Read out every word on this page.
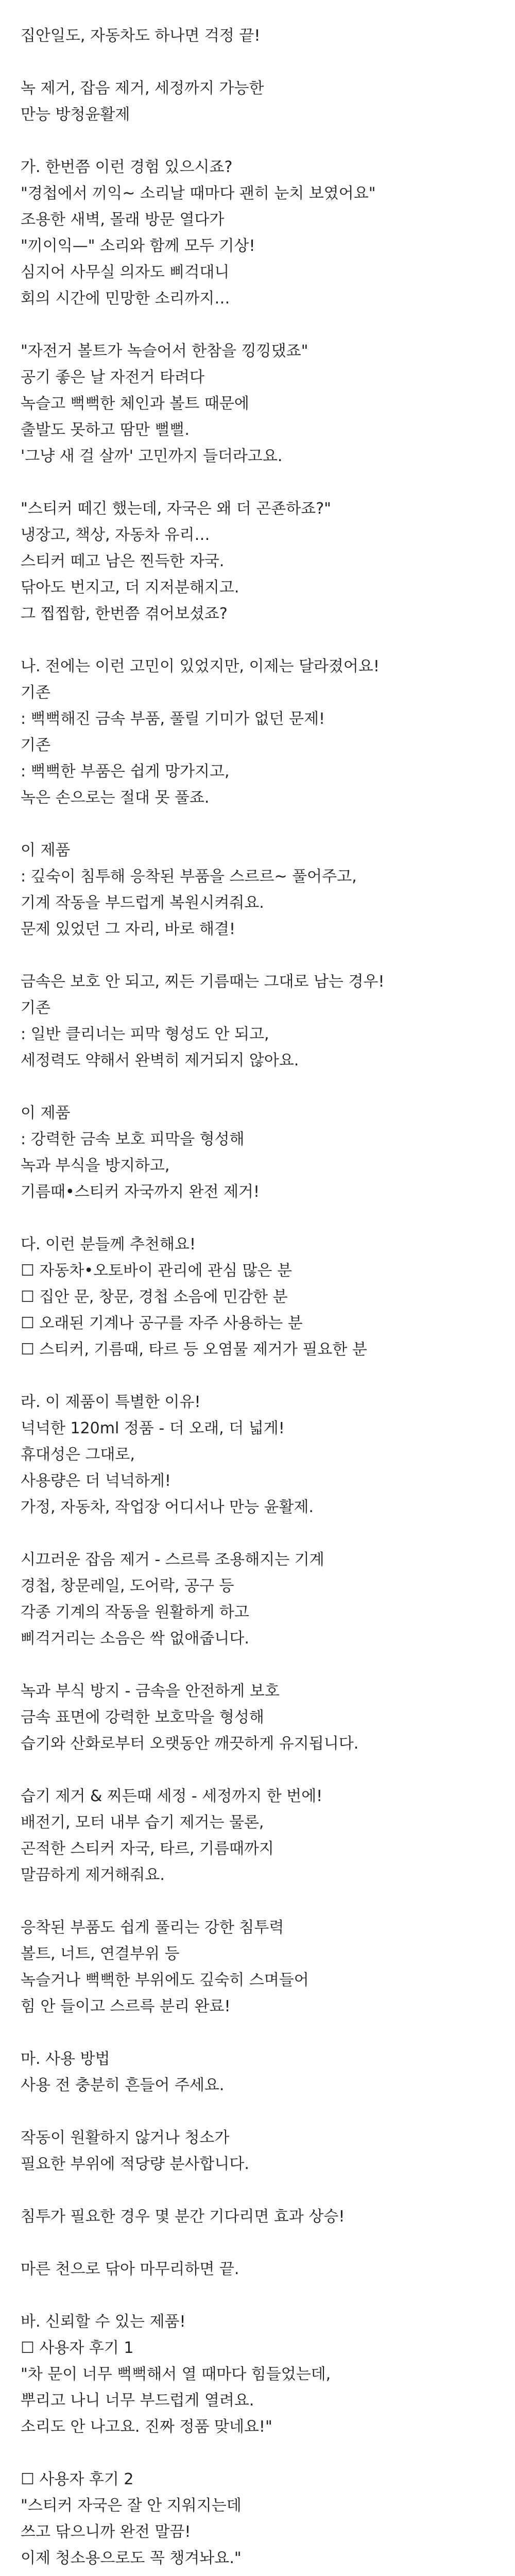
집안일도, 자동차도 하나면 걱정 끝!
녹 제거, 잡음 제거, 세정까지 가능한
만능 방청윤활제
가. 한번쯤 이런 경험 있으시죠?
"경첩에서 끼익~ 소리날 때마다 괜히 눈치 보였어요"
조용한 새벽, 몰래 방문 열다가
"끼이익—" 소리와 함께 모두 기상!
심지어 사무실 의자도 삐걱대니
회의 시간에 민망한 소리까지…
"자전거 볼트가 녹슬어서 한참을 낑낑댔죠"
공기 좋은 날 자전거 타려다
녹슬고 뻑뻑한 체인과 볼트 때문에
출발도 못하고 땀만 뻘뻘.
'그냥 새 걸 살까' 고민까지 들더라고요.
"스티커 떼긴 했는데, 자국은 왜 더 곤죤하죠?"
냉장고, 책상, 자동차 유리…
스티커 떼고 남은 찐득한 자국.
닦아도 번지고, 더 지저분해지고.
그 찝찝함, 한번쯤 겪어보셨죠?
나. 전에는 이런 고민이 있었지만, 이제는 달라졌어요!
기존
: 뻑뻑해진 금속 부품, 풀릴 기미가 없던 문제!
기존
: 뻑뻑한 부품은 쉽게 망가지고,
녹은 손으로는 절대 못 풀죠.
이 제품
: 깊숙이 침투해 응착된 부품을 스르르~ 풀어주고,
기계 작동을 부드럽게 복원시켜줘요.
문제 있었던 그 자리, 바로 해결!
금속은 보호 안 되고, 찌든 기름때는 그대로 남는 경우!
기존
: 일반 클리너는 피막 형성도 안 되고,
세정력도 약해서 완벽히 제거되지 않아요.
이 제품
: 강력한 금속 보호 피막을 형성해
녹과 부식을 방지하고,
기름때•스티커 자국까지 완전 제거!
다. 이런 분들께 추천해요!
☐ 자동차•오토바이 관리에 관심 많은 분
☐ 집안 문, 창문, 경첩 소음에 민감한 분
☐ 오래된 기계나 공구를 자주 사용하는 분
☐ 스티커, 기름때, 타르 등 오염물 제거가 필요한 분
라. 이 제품이 특별한 이유!
넉넉한 120ml 정품 - 더 오래, 더 넓게!
휴대성은 그대로,
사용량은 더 넉넉하게!
가정, 자동차, 작업장 어디서나 만능 윤활제.
시끄러운 잡음 제거 - 스르륵 조용해지는 기계
경첩, 창문레일, 도어락, 공구 등
각종 기계의 작동을 원활하게 하고
삐걱거리는 소음은 싹 없애줍니다.
녹과 부식 방지 - 금속을 안전하게 보호
금속 표면에 강력한 보호막을 형성해
습기와 산화로부터 오랫동안 깨끗하게 유지됩니다.
습기 제거 & 찌든때 세정 - 세정까지 한 번에!
배전기, 모터 내부 습기 제거는 물론,
곤적한 스티커 자국, 타르, 기름때까지
말끔하게 제거해줘요.
응착된 부품도 쉽게 풀리는 강한 침투력
볼트, 너트, 연결부위 등
녹슬거나 뻑뻑한 부위에도 깊숙히 스며들어
힘 안 들이고 스르륵 분리 완료!
마. 사용 방법
사용 전 충분히 흔들어 주세요.
작동이 원활하지 않거나 청소가
필요한 부위에 적당량 분사합니다.
침투가 필요한 경우 몇 분간 기다리면 효과 상승!
마른 천으로 닦아 마무리하면 끝.
바. 신뢰할 수 있는 제품!
☐ 사용자 후기 1
"차 문이 너무 뻑뻑해서 열 때마다 힘들었는데,
뿌리고 나니 너무 부드럽게 열려요.
소리도 안 나고요. 진짜 정품 맞네요!"
☐ 사용자 후기 2
"스티커 자국은 잘 안 지워지는데
쓰고 닦으니까 완전 말끔!
이제 청소용으로도 꼭 챙겨놔요."
